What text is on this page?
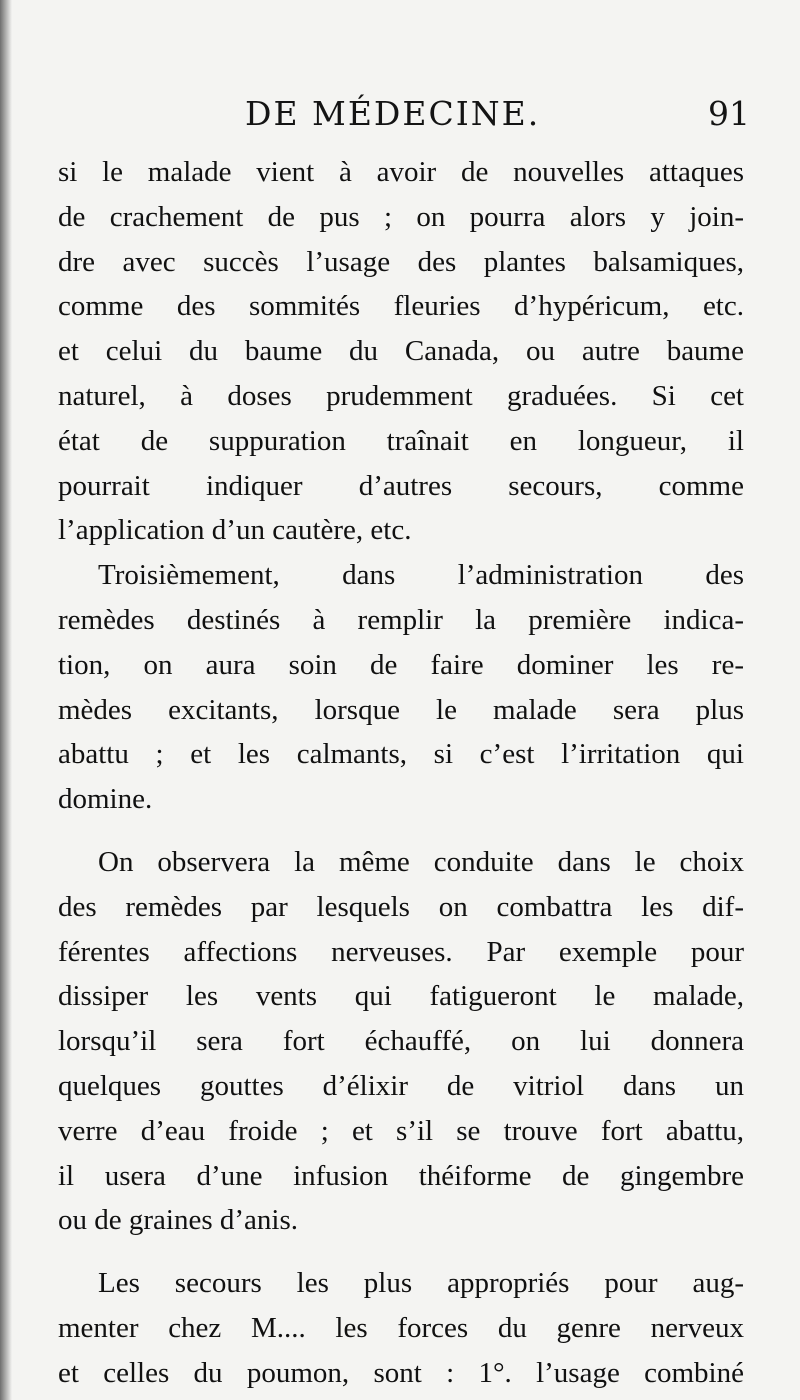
DE MÉDECINE.	91
si le malade vient à avoir de nouvelles attaques
de crachement de pus ; on pourra alors y join-
dre avec succès l’usage des plantes balsamiques,
comme des sommités fleuries d’hypéricum, etc.
et celui du baume du Canada, ou autre baume
naturel, à doses prudemment graduées. Si cet
état de suppuration traînait en longueur, il
pourrait indiquer d’autres secours, comme
l’application d’un cautère, etc.
Troisièmement, dans l’administration des
remèdes destinés à remplir la première indica-
tion, on aura soin de faire dominer les re-
mèdes excitants, lorsque le malade sera plus
abattu ; et les calmants, si c’est l’irritation qui
domine.
On observera la même conduite dans le choix
des remèdes par lesquels on combattra les dif-
férentes affections nerveuses. Par exemple pour
dissiper les vents qui fatigueront le malade,
lorsqu’il sera fort échauffé, on lui donnera
quelques gouttes d’élixir de vitriol dans un
verre d’eau froide ; et s’il se trouve fort abattu,
il usera d’une infusion théiforme de gingembre
ou de graines d’anis.
Les secours les plus appropriés pour aug-
menter chez M.... les forces du genre nerveux
et celles du poumon, sont : 1°. l’usage combiné
